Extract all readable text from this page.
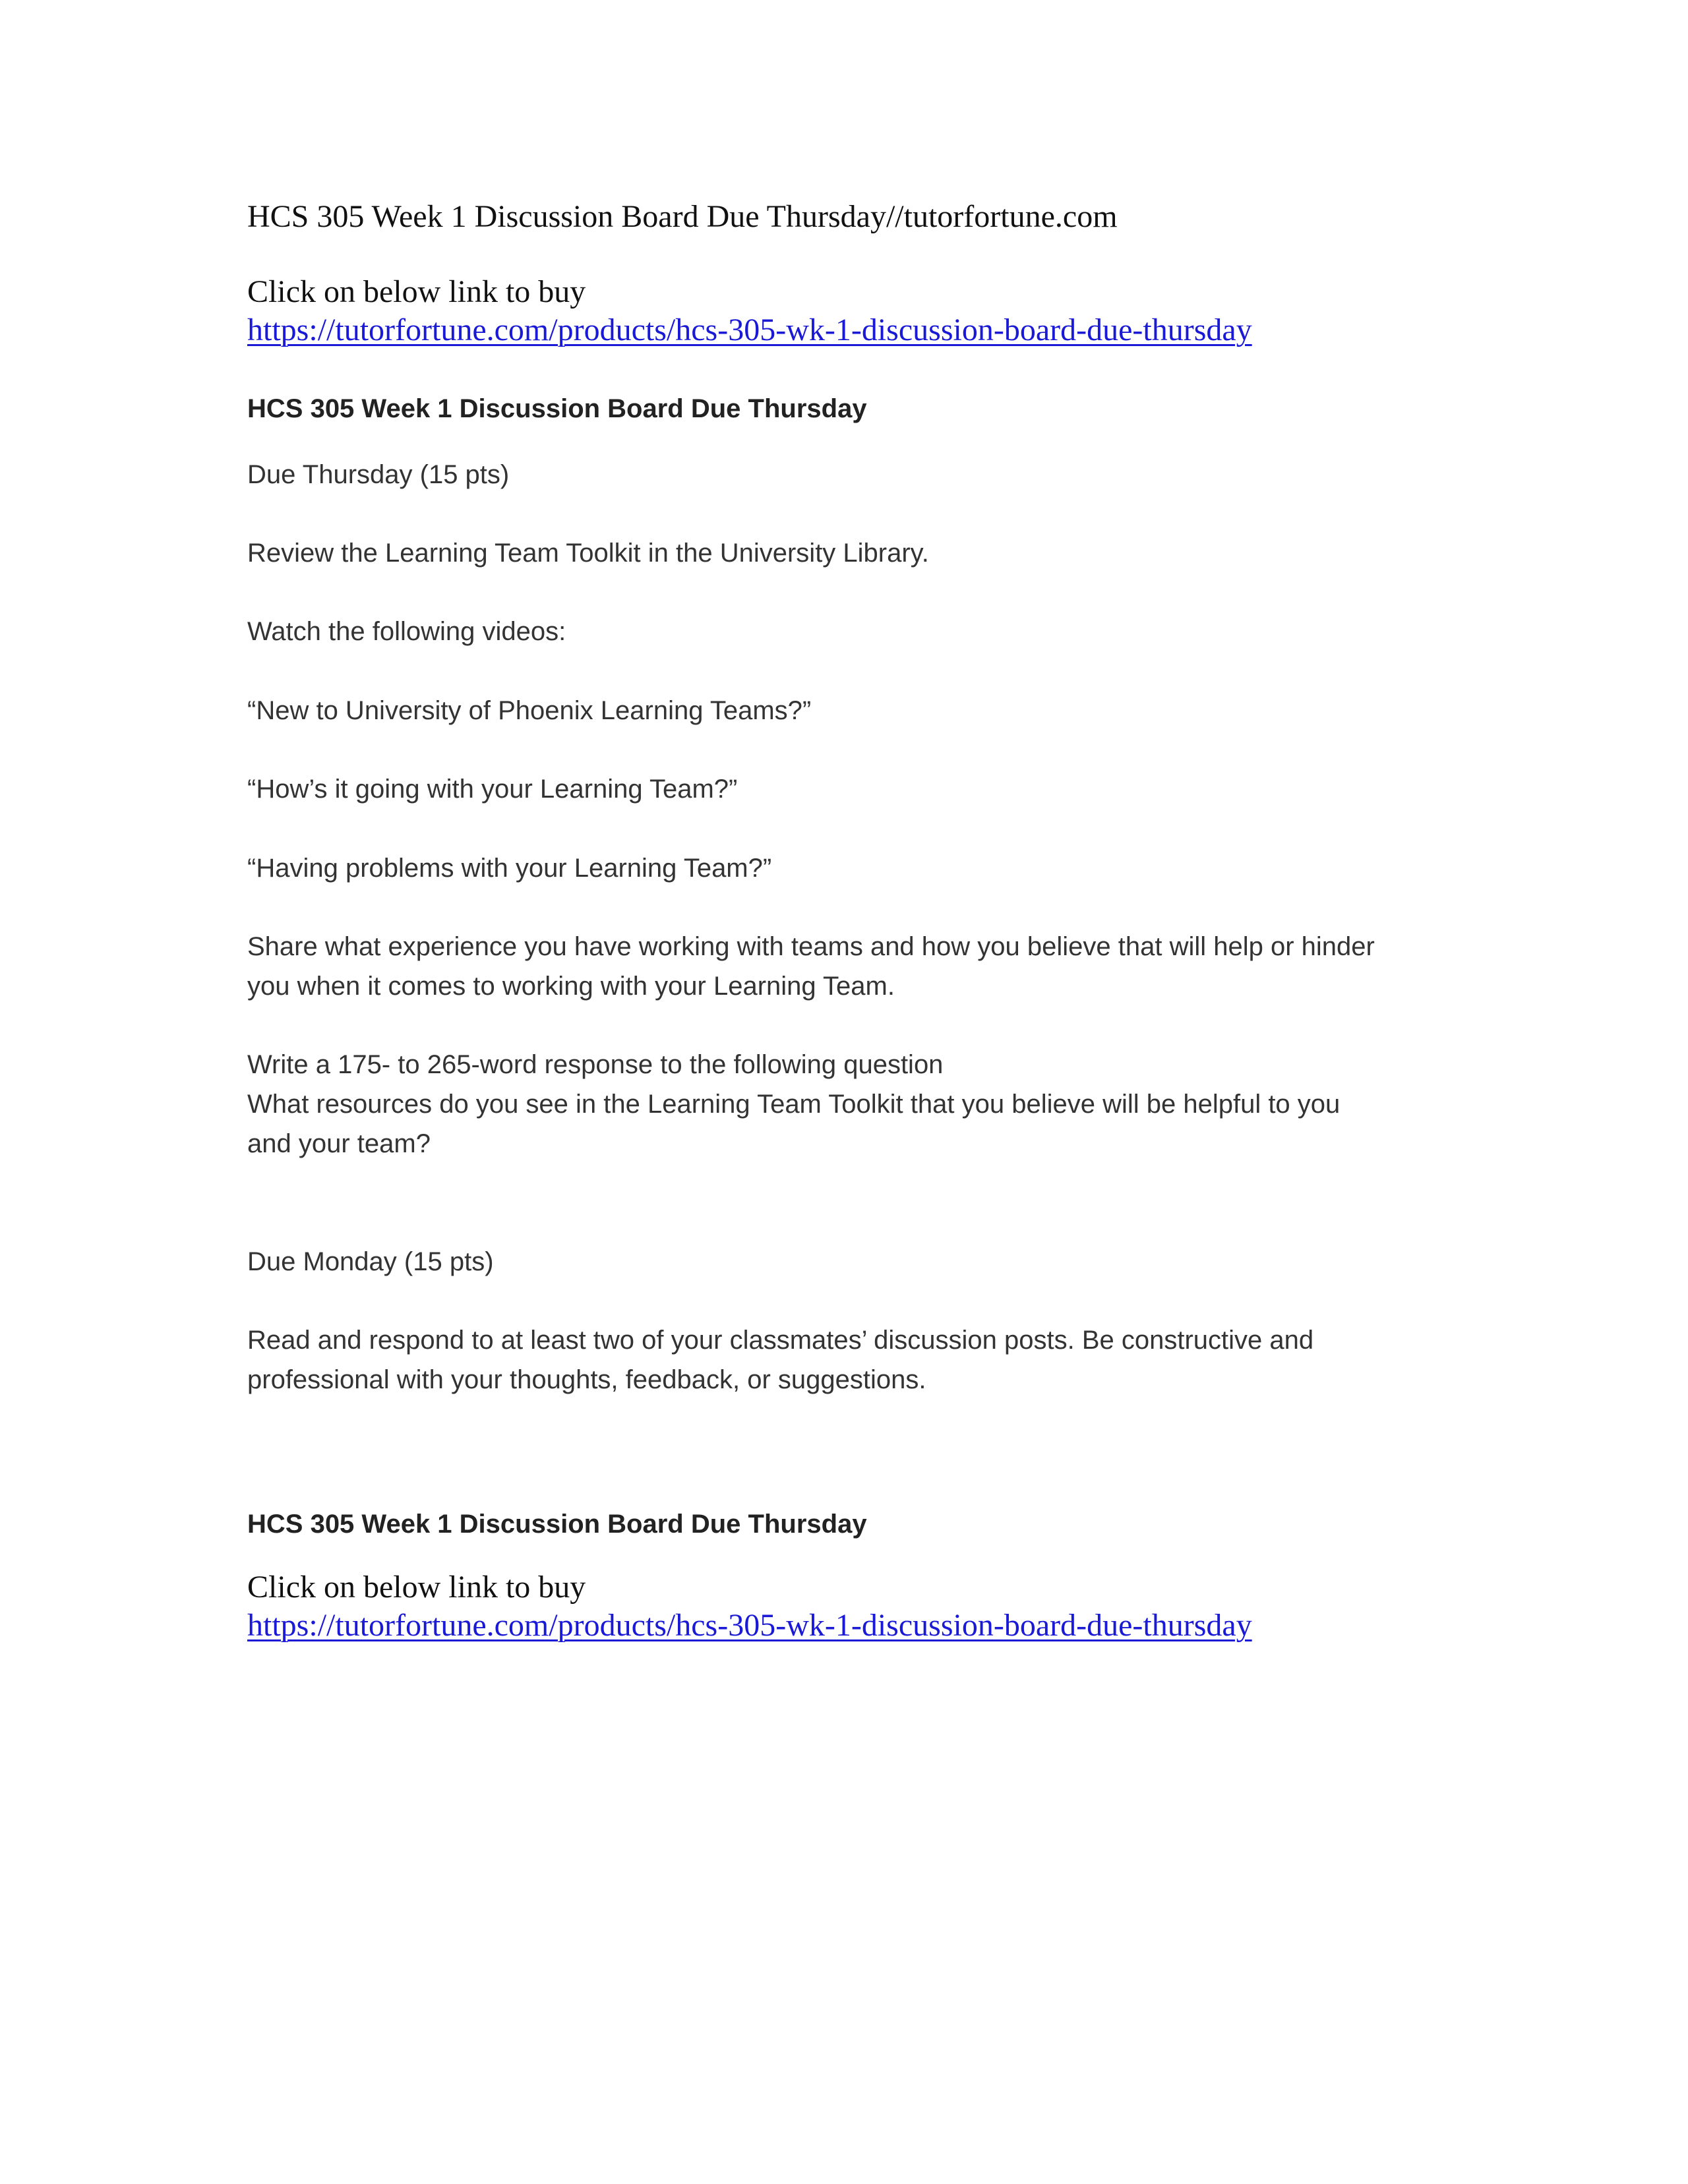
HCS 305 Week 1 Discussion Board Due Thursday//tutorfortune.com

Click on below link to buy

https://tutorfortune.com/products/hcs-305-wk-1-discussion-board-due-thursday

HCS 305 Week 1 Discussion Board Due Thursday

Due Thursday (15 pts)

Review the Learning Team Toolkit in the University Library.

Watch the following videos:

“New to University of Phoenix Learning Teams?”

“How’s it going with your Learning Team?”

“Having problems with your Learning Team?”

Share what experience you have working with teams and how you believe that will help or hinder
you when it comes to working with your Learning Team.

Write a 175- to 265-word response to the following question
What resources do you see in the Learning Team Toolkit that you believe will be helpful to you
and your team?

Due Monday (15 pts)

Read and respond to at least two of your classmates’ discussion posts. Be constructive and
professional with your thoughts, feedback, or suggestions.

HCS 305 Week 1 Discussion Board Due Thursday

Click on below link to buy

https://tutorfortune.com/products/hcs-305-wk-1-discussion-board-due-thursday
